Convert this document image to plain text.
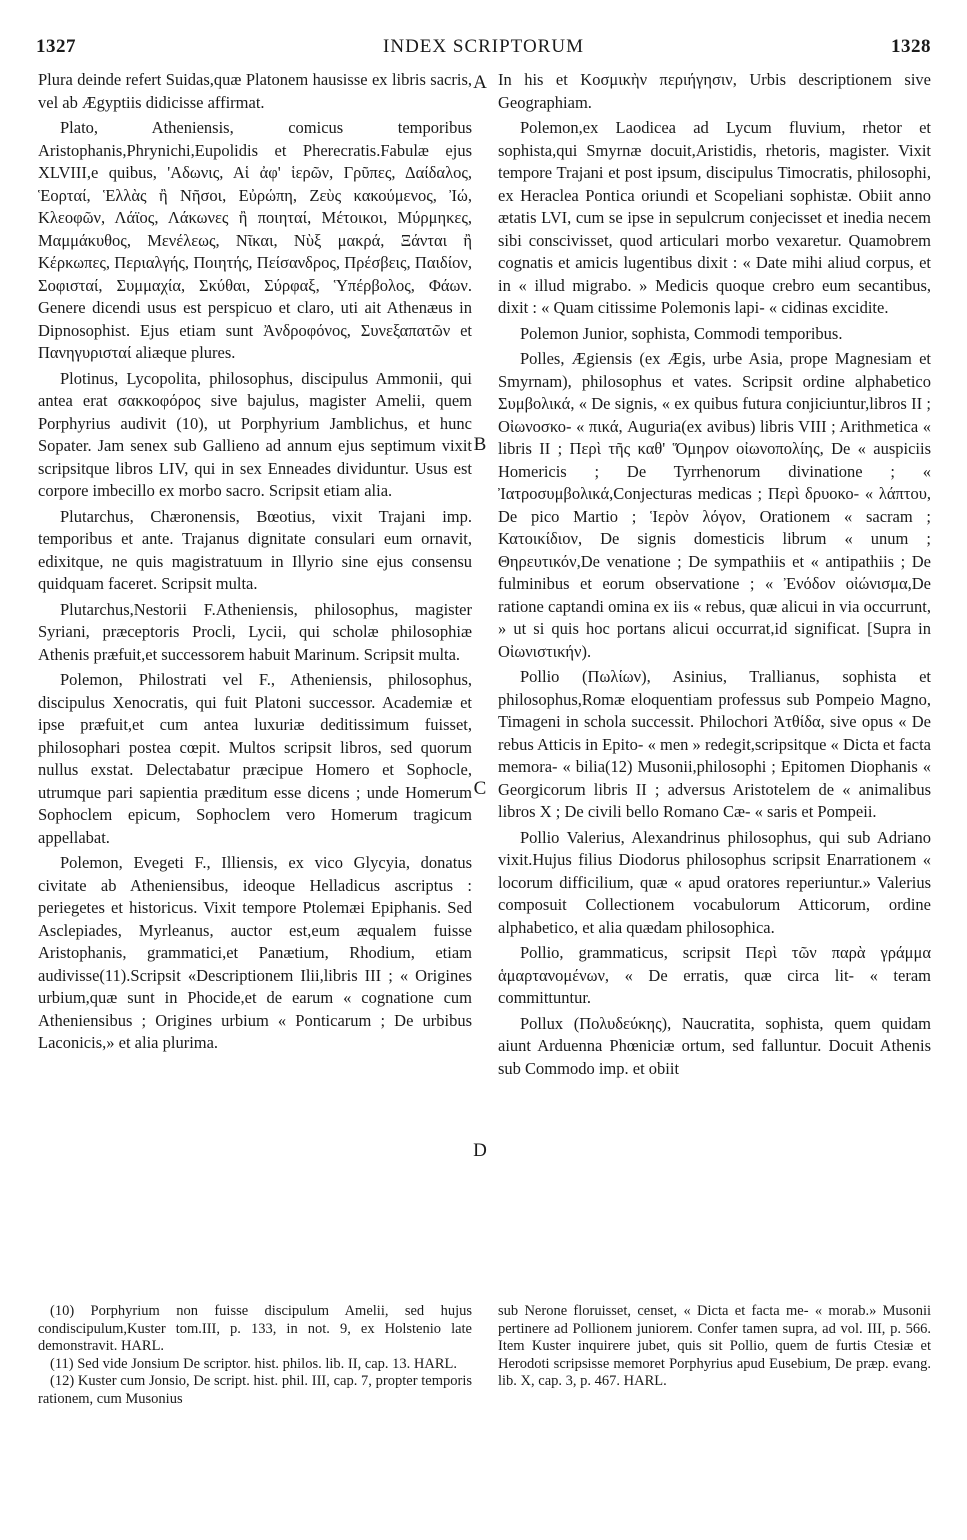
1327	INDEX SCRIPTORUM	1328

Plura deinde refert Suidas,quæ Platonem hausisse ex libris sacris, vel ab Ægyptiis didicisse affirmat.

Plato, Atheniensis, comicus temporibus Aristophanis,Phrynichi,Eupolidis et Pherecratis.Fabulæ ejus XLVIII,e quibus, 'Αδωνις, Αἱ ἀφ' ἱερῶν, Γρῦπες, Δαίδαλος, Ἑορταί, Ἑλλὰς ἢ Νῆσοι, Εὐρώπη, Ζεὺς κακούμενος, Ἰώ, Κλεοφῶν, Λάϊος, Λάκωνες ἢ ποιηταί, Μέτοικοι, Μύρμηκες, Μαμμάκυθος, Μενέλεως, Νῖκαι, Νὺξ μακρά, Ξάνται ἢ Κέρκωπες, Περιαλγής, Ποιητής, Πείσανδρος, Πρέσβεις, Παιδίον, Σοφισταί, Συμμαχία, Σκύθαι, Σύρφαξ, Ὑπέρβολος, Φάων. Genere dicendi usus est perspicuo et claro, uti ait Athenæus in Dipnosophist. Ejus etiam sunt Ἀνδροφόνος, Συνεξαπατῶν et Πανηγυρισταί aliæque plures.

Plotinus, Lycopolita, philosophus, discipulus Ammonii, qui antea erat σακκοφόρος sive bajulus, magister Amelii, quem Porphyrius audivit (10), ut Porphyrium Jamblichus, et hunc Sopater. Jam senex sub Gallieno ad annum ejus septimum vixit scripsitque libros LIV, qui in sex Enneades dividuntur. Usus est corpore imbecillo ex morbo sacro. Scripsit etiam alia.

Plutarchus, Chæronensis, Bœotius, vixit Trajani imp. temporibus et ante. Trajanus dignitate consulari eum ornavit, edixitque, ne quis magistratuum in Illyrio sine ejus consensu quidquam faceret. Scripsit multa.

Plutarchus,Nestorii F.Atheniensis, philosophus, magister Syriani, præceptoris Procli, Lycii, qui scholæ philosophiæ Athenis præfuit,et successorem habuit Marinum. Scripsit multa.

Polemon, Philostrati vel F., Atheniensis, philosophus, discipulus Xenocratis, qui fuit Platoni successor. Academiæ et ipse præfuit,et cum antea luxuriæ deditissimum fuisset, philosophari postea cœpit. Multos scripsit libros, sed quorum nullus exstat. Delectabatur præcipue Homero et Sophocle, utrumque pari sapientia præditum esse dicens ; unde Homerum Sophoclem epicum, Sophoclem vero Homerum tragicum appellabat.

Polemon, Evegeti F., Illiensis, ex vico Glycyia, donatus civitate ab Atheniensibus, ideoque Helladicus ascriptus : periegetes et historicus. Vixit tempore Ptolemæi Epiphanis. Sed Asclepiades, Myrleanus, auctor est,eum æqualem fuisse Aristophanis, grammatici,et Panætium, Rhodium, etiam audivisse(11).Scripsit «Descriptionem Ilii,libris III ; « Origines urbium,quæ sunt in Phocide,et de earum « cognatione cum Atheniensibus ; Origines urbium « Ponticarum ; De urbibus Laconicis,» et alia plurima.

A
B
C
D

In his et Κοσμικὴν περιήγησιν, Urbis descriptionem sive Geographiam.

Polemon,ex Laodicea ad Lycum fluvium, rhetor et sophista,qui Smyrnæ docuit,Aristidis, rhetoris, magister. Vixit tempore Trajani et post ipsum, discipulus Timocratis, philosophi, ex Heraclea Pontica oriundi et Scopeliani sophistæ. Obiit anno ætatis LVI, cum se ipse in sepulcrum conjecisset et inedia necem sibi conscivisset, quod articulari morbo vexaretur. Quamobrem cognatis et amicis lugentibus dixit : « Date mihi aliud corpus, et in « illud migrabo. » Medicis quoque crebro eum secantibus, dixit : « Quam citissime Polemonis lapi- « cidinas excidite.

Polemon Junior, sophista, Commodi temporibus.

Polles, Ægiensis (ex Ægis, urbe Asia, prope Magnesiam et Smyrnam), philosophus et vates. Scripsit ordine alphabetico Συμβολικά, « De signis, « ex quibus futura conjiciuntur,libros II ; Οἰωνοσκο- « πικά, Auguria(ex avibus) libris VIII ; Arithmetica « libris II ; Περὶ τῆς καθ' Ὅμηρον οἰωνοπολίης, De « auspiciis Homericis ; De Tyrrhenorum divinatione ; « Ἰατροσυμβολικά,Conjecturas medicas ; Περὶ δρυοκο- « λάπτου, De pico Martio ; Ἱερὸν λόγον, Orationem « sacram ; Κατοικίδιον, De signis domesticis librum « unum ; Θηρευτικόν,De venatione ; De sympathiis et « antipathiis ; De fulminibus et eorum observatione ; « Ἐνόδον οἰώνισμα,De ratione captandi omina ex iis « rebus, quæ alicui in via occurrunt, » ut si quis hoc portans alicui occurrat,id significat. [Supra in Οἰωνιστικήν).

Pollio (Πωλίων), Asinius, Trallianus, sophista et philosophus,Romæ eloquentiam professus sub Pompeio Magno, Timageni in schola successit. Philochori Ἀτθίδα, sive opus « De rebus Atticis in Epito- « men » redegit,scripsitque « Dicta et facta memora- « bilia(12) Musonii,philosophi ; Epitomen Diophanis « Georgicorum libris II ; adversus Aristotelem de « animalibus libros X ; De civili bello Romano Cæ- « saris et Pompeii.

Pollio Valerius, Alexandrinus philosophus, qui sub Adriano vixit.Hujus filius Diodorus philosophus scripsit Enarrationem « locorum difficilium, quæ « apud oratores reperiuntur.» Valerius composuit Collectionem vocabulorum Atticorum, ordine alphabetico, et alia quædam philosophica.

Pollio, grammaticus, scripsit Περὶ τῶν παρὰ γράμμα ἁμαρτανομένων, « De erratis, quæ circa lit- « teram committuntur.

Pollux (Πολυδεύκης), Naucratita, sophista, quem quidam aiunt Arduenna Phœniciæ ortum, sed falluntur. Docuit Athenis sub Commodo imp. et obiit

(10) Porphyrium non fuisse discipulum Amelii, sed hujus condiscipulum,Kuster tom.III, p. 133, in not. 9, ex Holstenio late demonstravit. HARL.

(11) Sed vide Jonsium De scriptor. hist. philos. lib. II, cap. 13. HARL.

(12) Kuster cum Jonsio, De script. hist. phil. III, cap. 7, propter temporis rationem, cum Musonius

sub Nerone floruisset, censet, « Dicta et facta me- « morab.» Musonii pertinere ad Pollionem juniorem. Confer tamen supra, ad vol. III, p. 566. Item Kuster inquirere jubet, quis sit Pollio, quem de furtis Ctesiæ et Herodoti scripsisse memoret Porphyrius apud Eusebium, De præp. evang. lib. X, cap. 3, p. 467. HARL.
